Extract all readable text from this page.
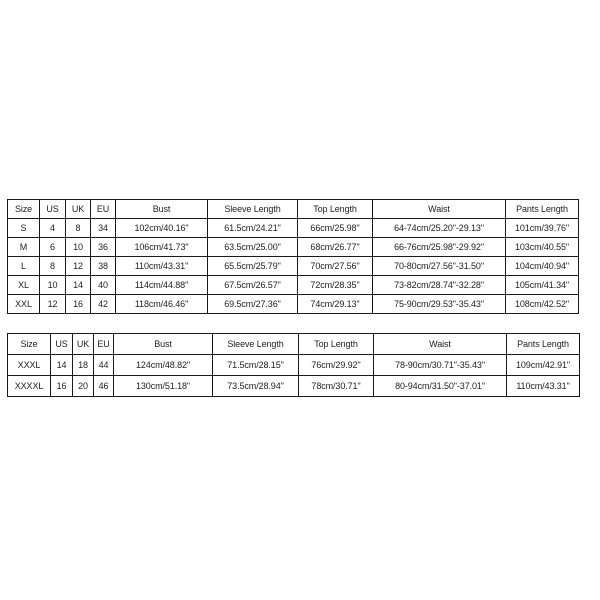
Size	US	UK	EU	Bust	Sleeve Length	Top Length	Waist	Pants Length
S	4	8	34	102cm/40.16"	61.5cm/24.21"	66cm/25.98"	64-74cm/25.20"-29.13"	101cm/39.76"
M	6	10	36	106cm/41.73"	63.5cm/25.00"	68cm/26.77"	66-76cm/25.98"-29.92"	103cm/40.55"
L	8	12	38	110cm/43.31"	65.5cm/25.79"	70cm/27.56"	70-80cm/27.56"-31.50"	104cm/40.94"
XL	10	14	40	114cm/44.88"	67.5cm/26.57"	72cm/28.35"	73-82cm/28.74"-32.28"	105cm/41.34"
XXL	12	16	42	118cm/46.46"	69.5cm/27.36"	74cm/29.13"	75-90cm/29.53"-35.43"	108cm/42.52"
Size	US	UK	EU	Bust	Sleeve Length	Top Length	Waist	Pants Length
XXXL	14	18	44	124cm/48.82"	71.5cm/28.15"	76cm/29.92"	78-90cm/30.71"-35.43"	109cm/42.91"
XXXXL	16	20	46	130cm/51.18"	73.5cm/28.94"	78cm/30.71"	80-94cm/31.50"-37.01"	110cm/43.31"
